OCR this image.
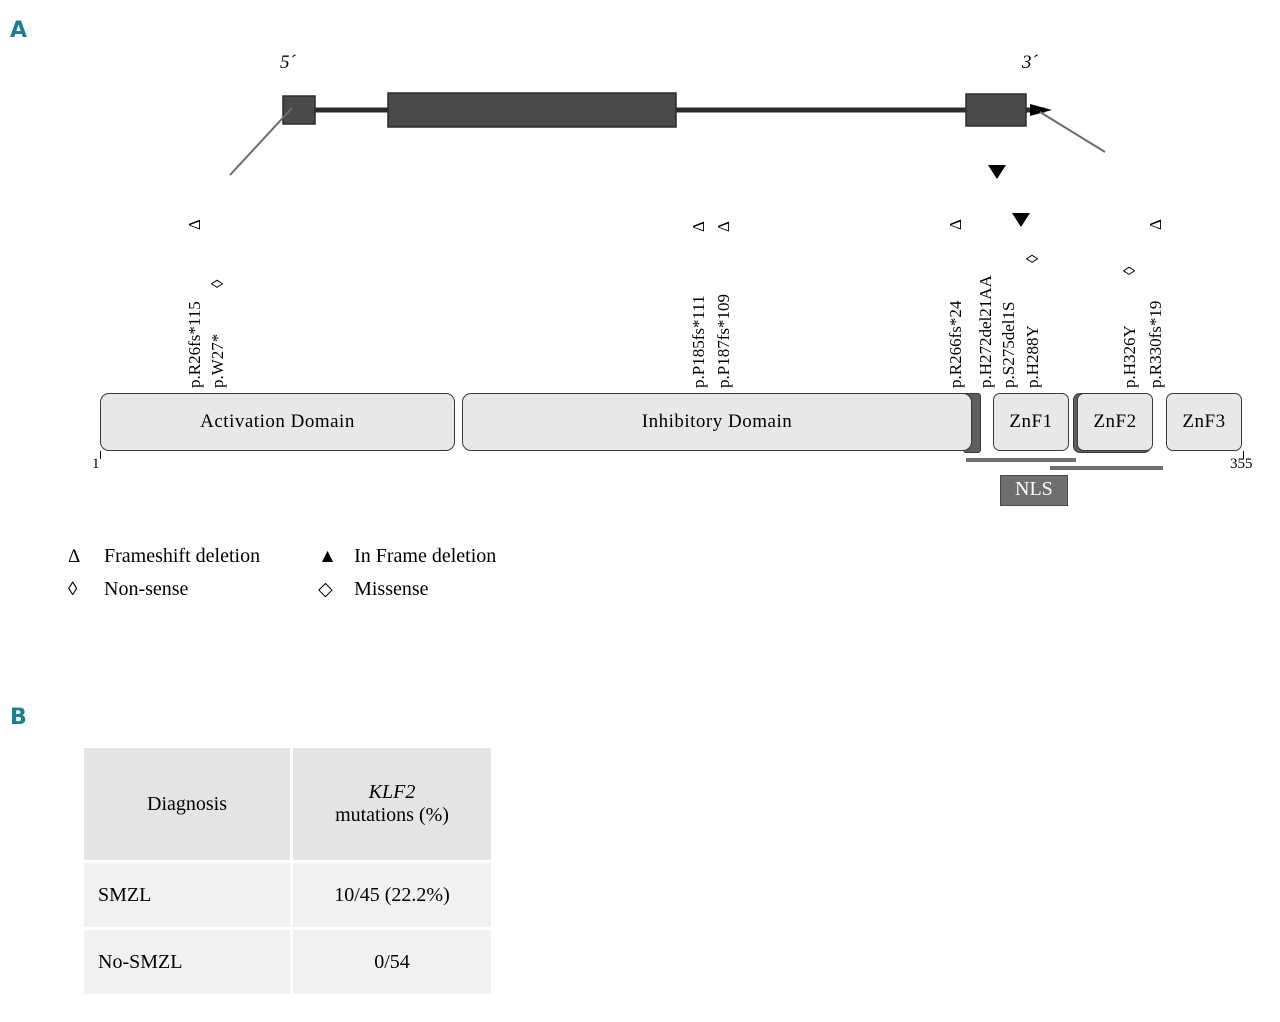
A
B
5´	3´
p.R26fs*115
Δ
p.W27*
◊
p.P185fs*111
Δ
p.P187fs*109
Δ
p.R266fs*24
Δ
p.H272del21AA p.S275del1S p.H288Y
◊
p.H326Y
◊
p.R330fs*19
Δ
Activation Domain	Inhibitory Domain	ZnF1 ZnF2 ZnF3
1	355
NLS
Δ	Frameshift deletion	▲	In Frame deletion
◊	Non-sense	◇	Missense
Diagnosis	KLF2
mutations (%)
SMZL	10/45 (22.2%)
No-SMZL	0/54
